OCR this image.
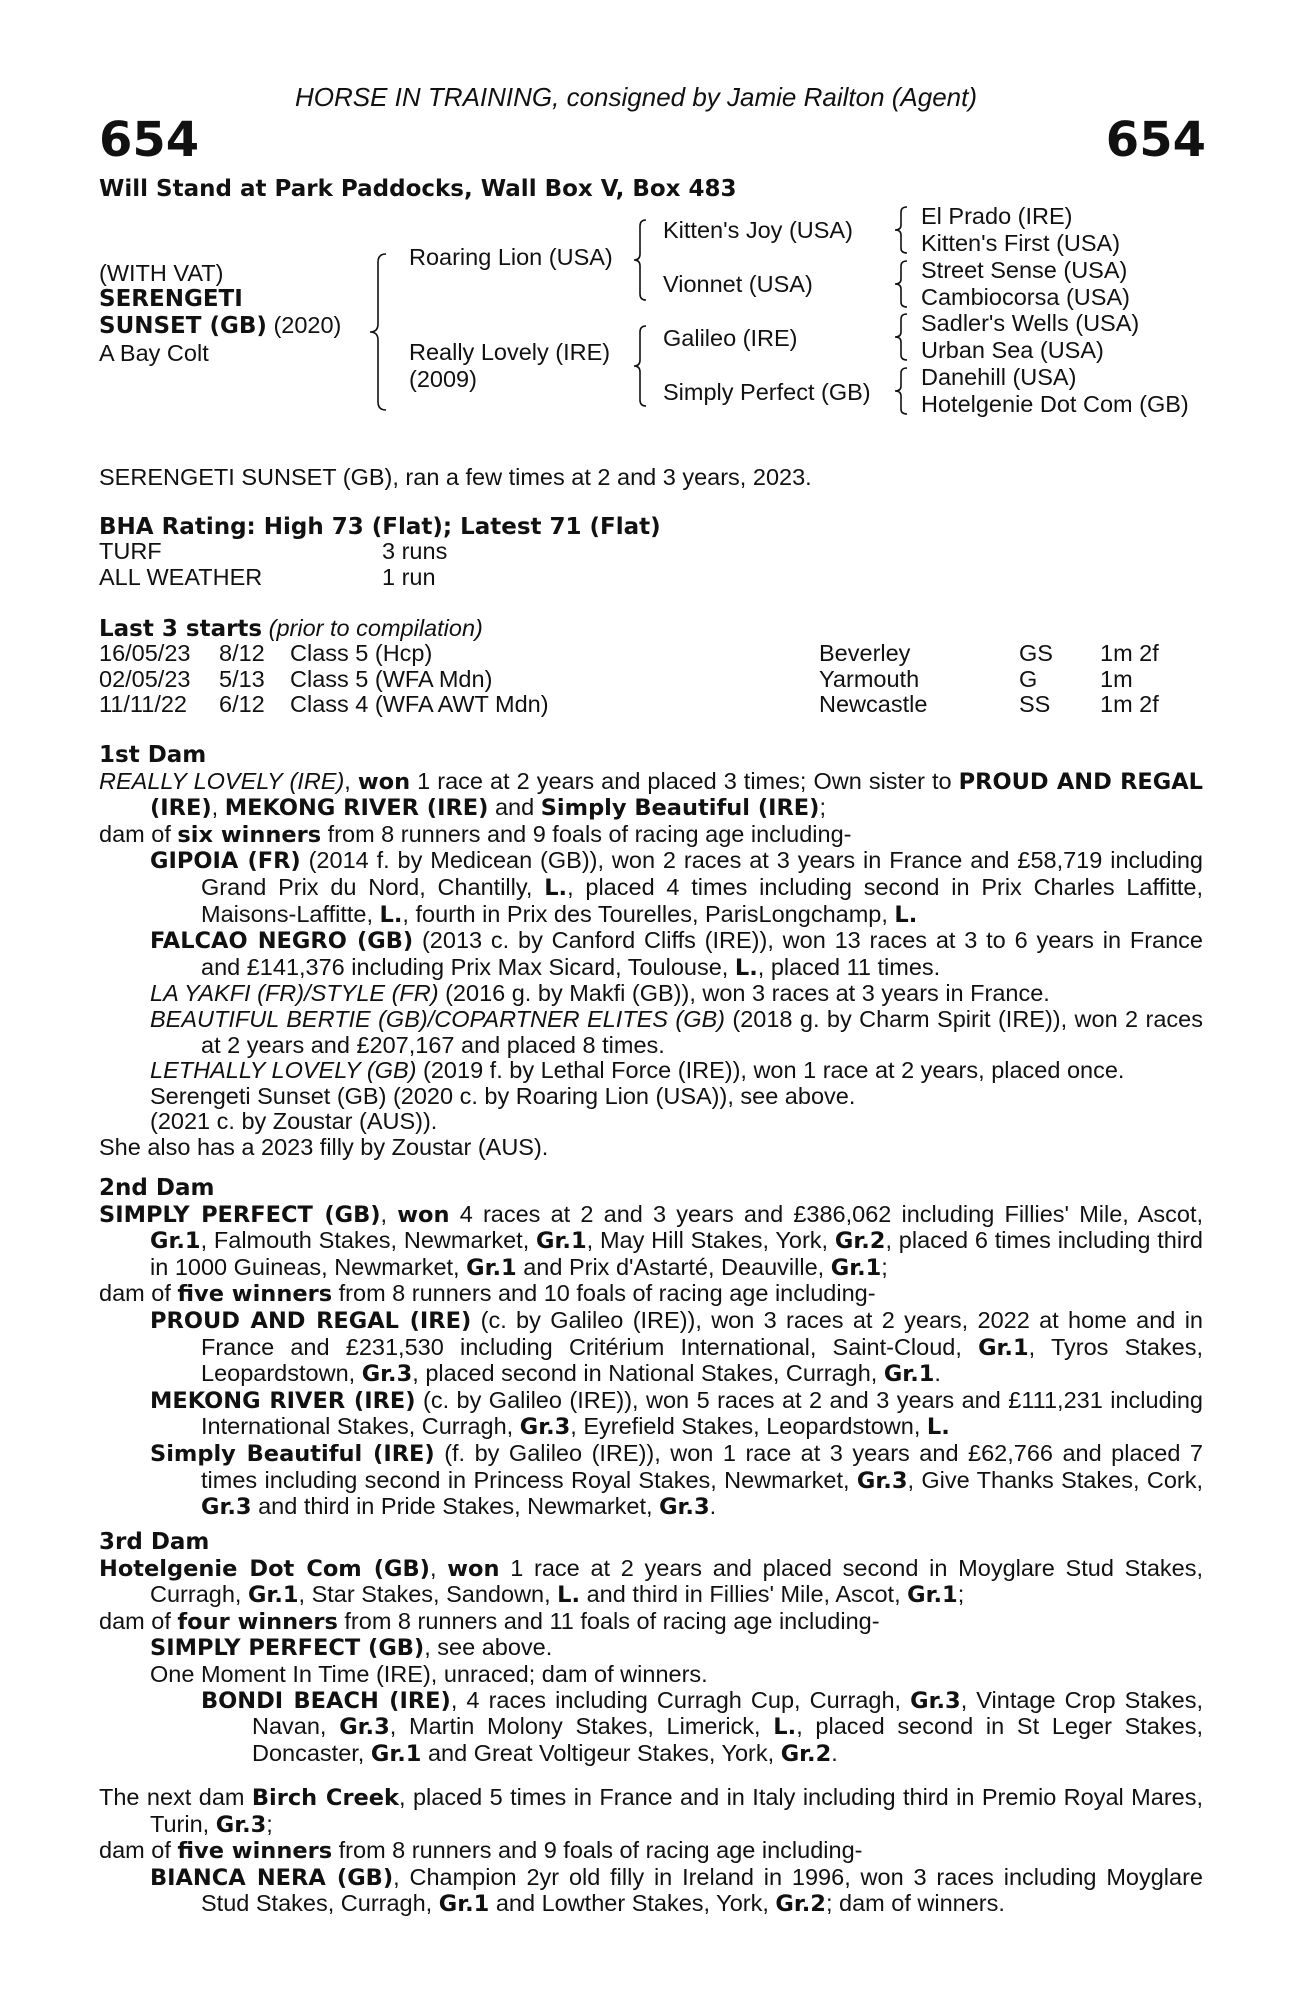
HORSE IN TRAINING, consigned by Jamie Railton (Agent)
654	654
Will Stand at Park Paddocks, Wall Box V, Box 483
(WITH VAT)
SERENGETI
SUNSET (GB) (2020)
A Bay Colt
Roaring Lion (USA)
Really Lovely (IRE)
(2009)
Kitten's Joy (USA)
Vionnet (USA)
Galileo (IRE)
Simply Perfect (GB)
El Prado (IRE)
Kitten's First (USA)
Street Sense (USA)
Cambiocorsa (USA)
Sadler's Wells (USA)
Urban Sea (USA)
Danehill (USA)
Hotelgenie Dot Com (GB)
SERENGETI SUNSET (GB), ran a few times at 2 and 3 years, 2023.
BHA Rating: High 73 (Flat); Latest 71 (Flat)
TURF	3 runs
ALL WEATHER	1 run
Last 3 starts (prior to compilation)
16/05/23	8/12	Class 5 (Hcp)	Beverley	GS	1m 2f
02/05/23	5/13	Class 5 (WFA Mdn)	Yarmouth	G	1m
11/11/22	6/12	Class 4 (WFA AWT Mdn)	Newcastle	SS	1m 2f

1st Dam

REALLY LOVELY (IRE), won 1 race at 2 years and placed 3 times; Own sister to PROUD AND REGAL (IRE), MEKONG RIVER (IRE) and Simply Beautiful (IRE);

dam of six winners from 8 runners and 9 foals of racing age including-

GIPOIA (FR) (2014 f. by Medicean (GB)), won 2 races at 3 years in France and £58,719 including Grand Prix du Nord, Chantilly, L., placed 4 times including second in Prix Charles Laffitte, Maisons-Laffitte, L., fourth in Prix des Tourelles, ParisLongchamp, L.

FALCAO NEGRO (GB) (2013 c. by Canford Cliffs (IRE)), won 13 races at 3 to 6 years in France and £141,376 including Prix Max Sicard, Toulouse, L., placed 11 times.

LA YAKFI (FR)/STYLE (FR) (2016 g. by Makfi (GB)), won 3 races at 3 years in France.

BEAUTIFUL BERTIE (GB)/COPARTNER ELITES (GB) (2018 g. by Charm Spirit (IRE)), won 2 races at 2 years and £207,167 and placed 8 times.

LETHALLY LOVELY (GB) (2019 f. by Lethal Force (IRE)), won 1 race at 2 years, placed once.

Serengeti Sunset (GB) (2020 c. by Roaring Lion (USA)), see above.

(2021 c. by Zoustar (AUS)).

She also has a 2023 filly by Zoustar (AUS).

2nd Dam

SIMPLY PERFECT (GB), won 4 races at 2 and 3 years and £386,062 including Fillies' Mile, Ascot, Gr.1, Falmouth Stakes, Newmarket, Gr.1, May Hill Stakes, York, Gr.2, placed 6 times including third in 1000 Guineas, Newmarket, Gr.1 and Prix d'Astarté, Deauville, Gr.1;

dam of five winners from 8 runners and 10 foals of racing age including-

PROUD AND REGAL (IRE) (c. by Galileo (IRE)), won 3 races at 2 years, 2022 at home and in France and £231,530 including Critérium International, Saint-Cloud, Gr.1, Tyros Stakes, Leopardstown, Gr.3, placed second in National Stakes, Curragh, Gr.1.

MEKONG RIVER (IRE) (c. by Galileo (IRE)), won 5 races at 2 and 3 years and £111,231 including International Stakes, Curragh, Gr.3, Eyrefield Stakes, Leopardstown, L.

Simply Beautiful (IRE) (f. by Galileo (IRE)), won 1 race at 3 years and £62,766 and placed 7 times including second in Princess Royal Stakes, Newmarket, Gr.3, Give Thanks Stakes, Cork, Gr.3 and third in Pride Stakes, Newmarket, Gr.3.

3rd Dam

Hotelgenie Dot Com (GB), won 1 race at 2 years and placed second in Moyglare Stud Stakes, Curragh, Gr.1, Star Stakes, Sandown, L. and third in Fillies' Mile, Ascot, Gr.1;

dam of four winners from 8 runners and 11 foals of racing age including-

SIMPLY PERFECT (GB), see above.

One Moment In Time (IRE), unraced; dam of winners.

BONDI BEACH (IRE), 4 races including Curragh Cup, Curragh, Gr.3, Vintage Crop Stakes, Navan, Gr.3, Martin Molony Stakes, Limerick, L., placed second in St Leger Stakes, Doncaster, Gr.1 and Great Voltigeur Stakes, York, Gr.2.

The next dam Birch Creek, placed 5 times in France and in Italy including third in Premio Royal Mares, Turin, Gr.3;

dam of five winners from 8 runners and 9 foals of racing age including-

BIANCA NERA (GB), Champion 2yr old filly in Ireland in 1996, won 3 races including Moyglare Stud Stakes, Curragh, Gr.1 and Lowther Stakes, York, Gr.2; dam of winners.
